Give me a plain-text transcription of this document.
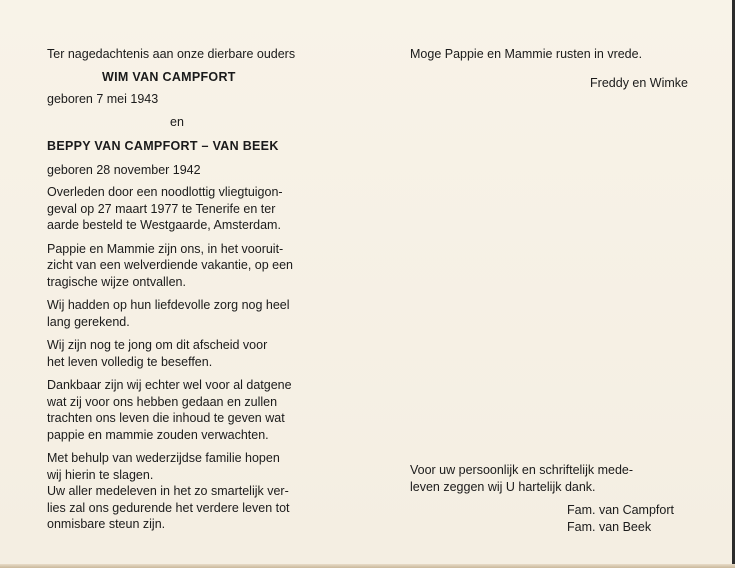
Ter nagedachtenis aan onze dierbare ouders
WIM VAN CAMPFORT
geboren 7 mei 1943
en
BEPPY VAN CAMPFORT – VAN BEEK
geboren 28 november 1942
Overleden door een noodlottig vliegtuigon-
geval op 27 maart 1977 te Tenerife en ter
aarde besteld te Westgaarde, Amsterdam.
Pappie en Mammie zijn ons, in het vooruit-
zicht van een welverdiende vakantie, op een
tragische wijze ontvallen.
Wij hadden op hun liefdevolle zorg nog heel
lang gerekend.
Wij zijn nog te jong om dit afscheid voor
het leven volledig te beseffen.
Dankbaar zijn wij echter wel voor al datgene
wat zij voor ons hebben gedaan en zullen
trachten ons leven die inhoud te geven wat
pappie en mammie zouden verwachten.
Met behulp van wederzijdse familie hopen
wij hierin te slagen.
Uw aller medeleven in het zo smartelijk ver-
lies zal ons gedurende het verdere leven tot
onmisbare steun zijn.
Moge Pappie en Mammie rusten in vrede.
Freddy en Wimke
Voor uw persoonlijk en schriftelijk mede-
leven zeggen wij U hartelijk dank.
Fam. van Campfort
Fam. van Beek
